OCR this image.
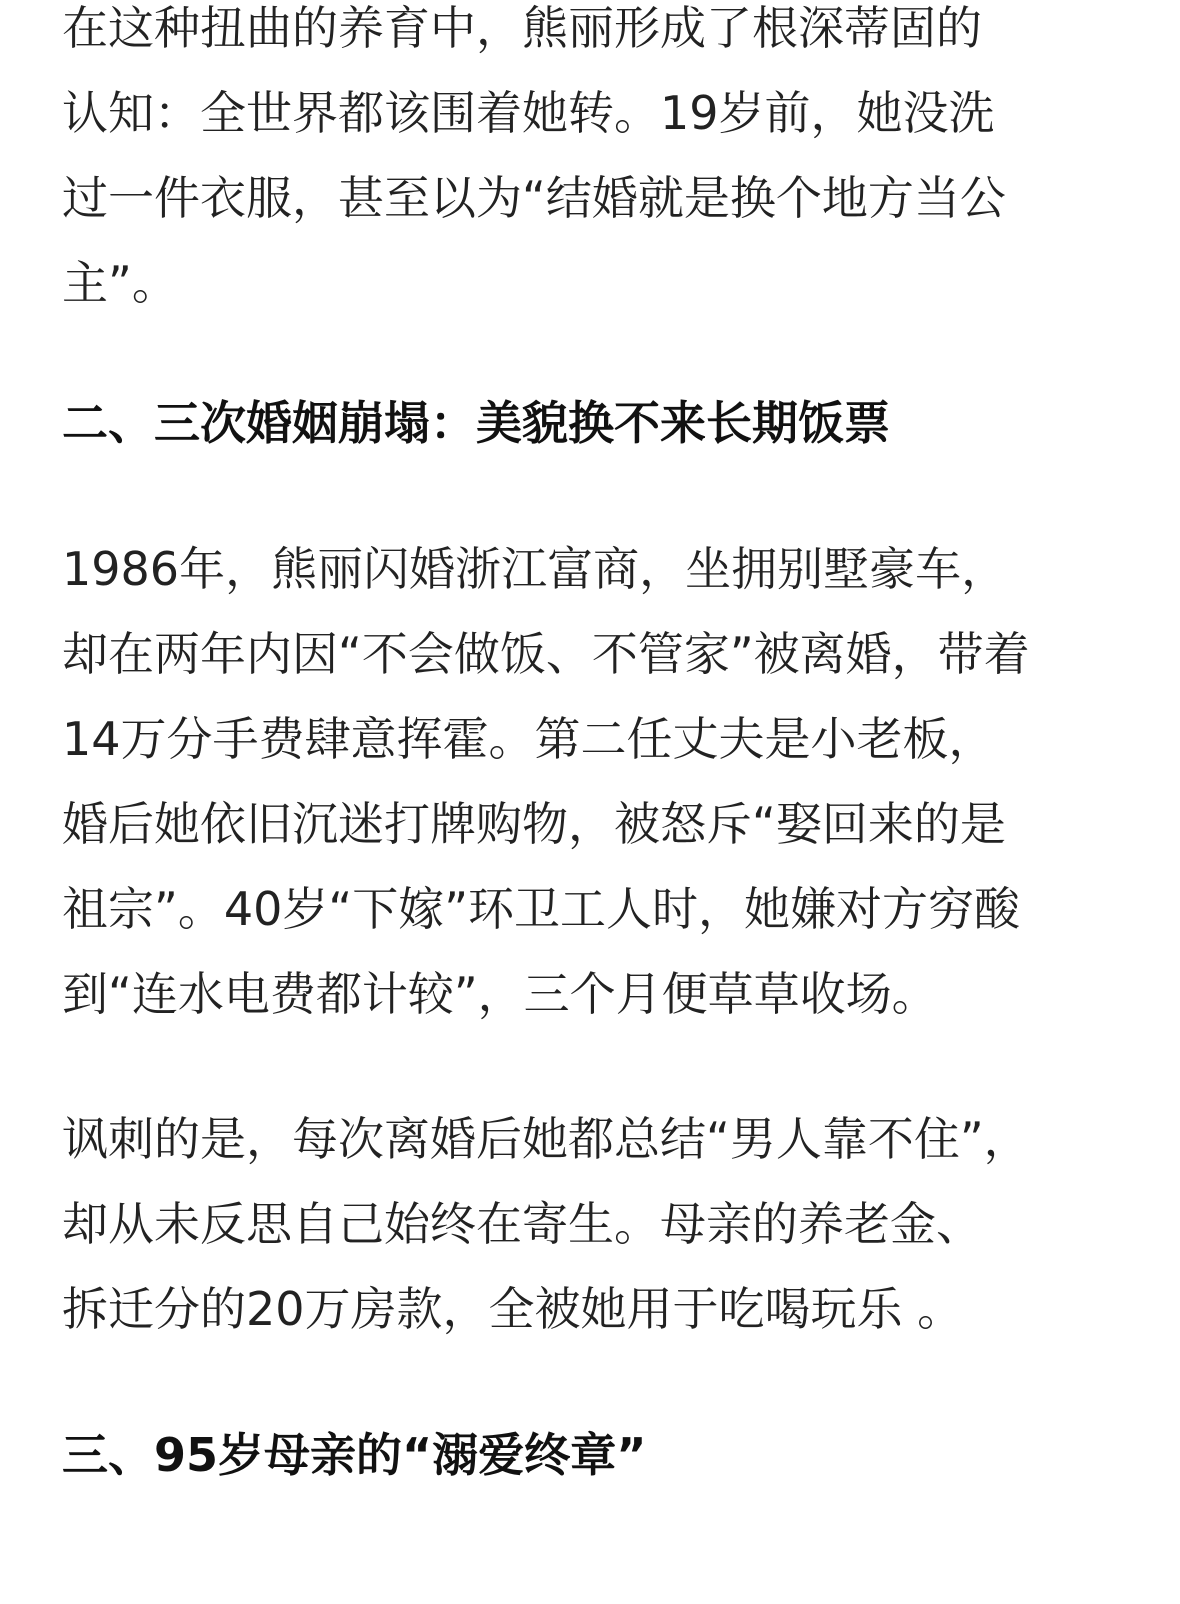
在这种扭曲的养育中，熊丽形成了根深蒂固的
认知：全世界都该围着她转。19岁前，她没洗
过一件衣服，甚至以为“结婚就是换个地方当公
主”。
二、三次婚姻崩塌：美貌换不来长期饭票
1986年，熊丽闪婚浙江富商，坐拥别墅豪车，
却在两年内因“不会做饭、不管家”被离婚，带着
14万分手费肆意挥霍。第二任丈夫是小老板，
婚后她依旧沉迷打牌购物，被怒斥“娶回来的是
祖宗”。40岁“下嫁”环卫工人时，她嫌对方穷酸
到“连水电费都计较”，三个月便草草收场。
讽刺的是，每次离婚后她都总结“男人靠不住”，
却从未反思自己始终在寄生。母亲的养老金、
拆迁分的20万房款，全被她用于吃喝玩乐 。
三、95岁母亲的“溺爱终章”
